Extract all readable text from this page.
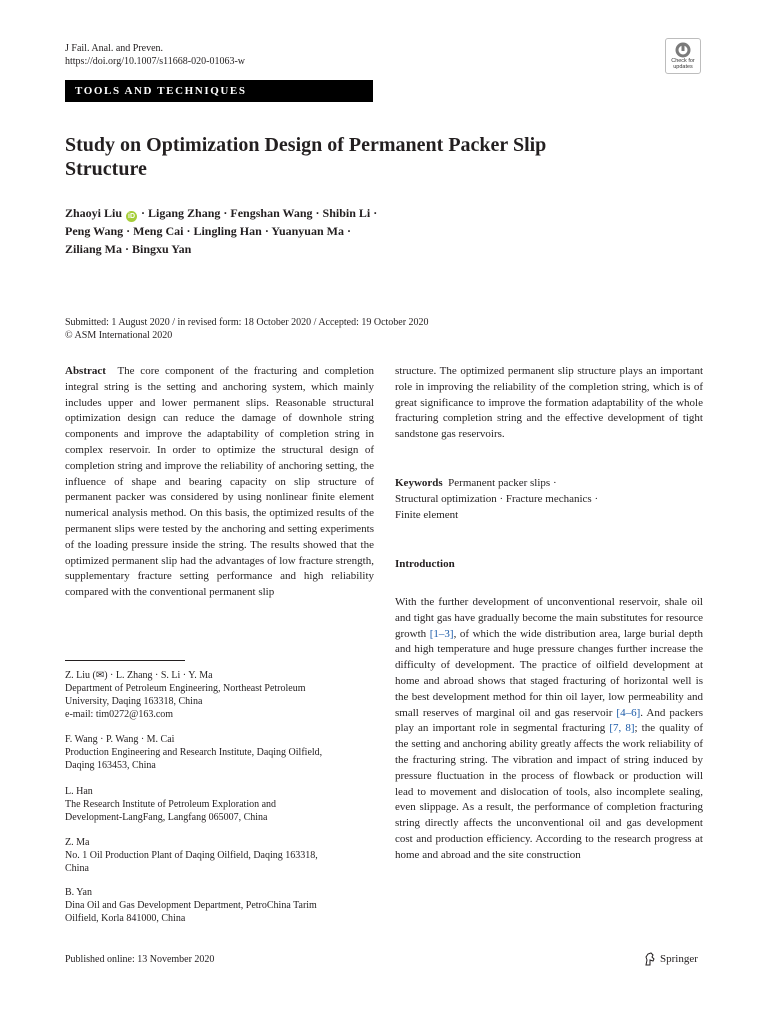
J Fail. Anal. and Preven.
https://doi.org/10.1007/s11668-020-01063-w
TOOLS AND TECHNIQUES
Check for
updates
Study on Optimization Design of Permanent Packer Slip Structure
Zhaoyi Liu iD · Ligang Zhang · Fengshan Wang · Shibin Li ·
Peng Wang · Meng Cai · Lingling Han · Yuanyuan Ma ·
Ziliang Ma · Bingxu Yan
Submitted: 1 August 2020 / in revised form: 18 October 2020 / Accepted: 19 October 2020
© ASM International 2020
Abstract The core component of the fracturing and completion integral string is the setting and anchoring system, which mainly includes upper and lower permanent slips. Reasonable structural optimization design can reduce the damage of downhole string components and improve the adaptability of completion string in complex reservoir. In order to optimize the structural design of completion string and improve the reliability of anchoring setting, the influence of shape and bearing capacity on slip structure of permanent packer was considered by using nonlinear finite element numerical analysis method. On this basis, the optimized results of the permanent slips were tested by the anchoring and setting experiments of the loading pressure inside the string. The results showed that the optimized permanent slip had the advantages of low fracture strength, supplementary fracture setting performance and high reliability compared with the conventional permanent slip
Z. Liu (✉) · L. Zhang · S. Li · Y. Ma
Department of Petroleum Engineering, Northeast Petroleum
University, Daqing 163318, China
e-mail: tim0272@163.com
F. Wang · P. Wang · M. Cai
Production Engineering and Research Institute, Daqing Oilfield,
Daqing 163453, China
L. Han
The Research Institute of Petroleum Exploration and
Development-LangFang, Langfang 065007, China
Z. Ma
No. 1 Oil Production Plant of Daqing Oilfield, Daqing 163318,
China
B. Yan
Dina Oil and Gas Development Department, PetroChina Tarim
Oilfield, Korla 841000, China
structure. The optimized permanent slip structure plays an important role in improving the reliability of the completion string, which is of great significance to improve the formation adaptability of the whole fracturing completion string and the effective development of tight sandstone gas reservoirs.
Keywords Permanent packer slips ·
Structural optimization · Fracture mechanics ·
Finite element
Introduction
With the further development of unconventional reservoir, shale oil and tight gas have gradually become the main substitutes for resource growth [1–3], of which the wide distribution area, large burial depth and high temperature and huge pressure changes further increase the difficulty of development. The practice of oilfield development at home and abroad shows that staged fracturing of horizontal well is the best development method for thin oil layer, low permeability and small reserves of marginal oil and gas reservoir [4–6]. And packers play an important role in segmental fracturing [7, 8]; the quality of the setting and anchoring ability greatly affects the work reliability of the fracturing string. The vibration and impact of string induced by pressure fluctuation in the process of flowback or production will lead to movement and dislocation of tools, also incomplete sealing, even slippage. As a result, the performance of completion fracturing string directly affects the unconventional oil and gas development cost and production efficiency. According to the research progress at home and abroad and the site construction
Published online: 13 November 2020	Springer
